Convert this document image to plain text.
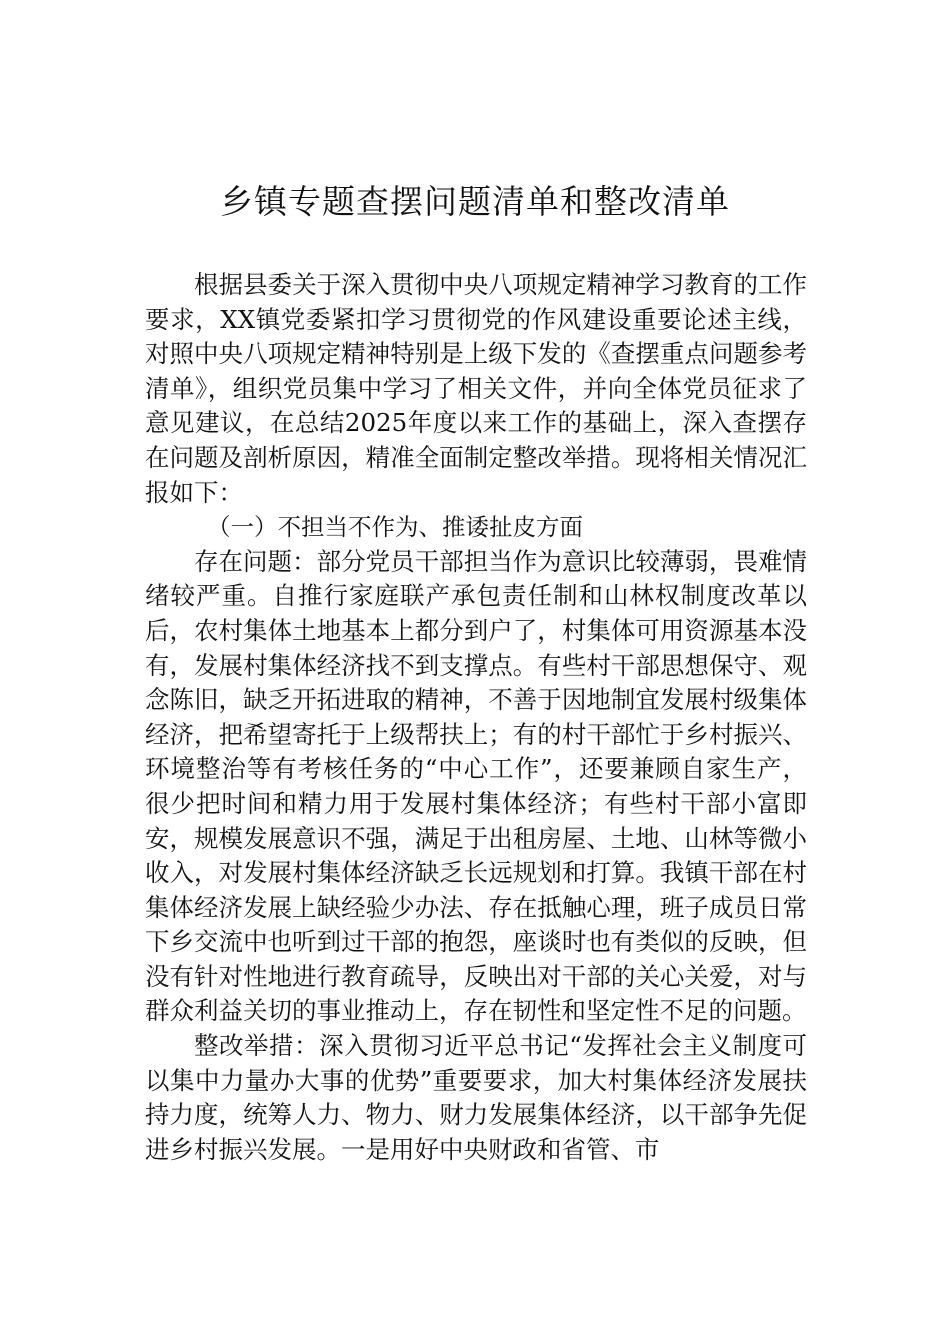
乡镇专题查摆问题清单和整改清单

根据县委关于深入贯彻中央八项规定精神学习教育的工作要求，XX镇党委紧扣学习贯彻党的作风建设重要论述主线，对照中央八项规定精神特别是上级下发的《查摆重点问题参考清单》，组织党员集中学习了相关文件，并向全体党员征求了意见建议，在总结2025年度以来工作的基础上，深入查摆存在问题及剖析原因，精准全面制定整改举措。现将相关情况汇报如下：

（一）不担当不作为、推诿扯皮方面

存在问题：部分党员干部担当作为意识比较薄弱，畏难情绪较严重。自推行家庭联产承包责任制和山林权制度改革以后，农村集体土地基本上都分到户了，村集体可用资源基本没有，发展村集体经济找不到支撑点。有些村干部思想保守、观念陈旧，缺乏开拓进取的精神，不善于因地制宜发展村级集体经济，把希望寄托于上级帮扶上；有的村干部忙于乡村振兴、环境整治等有考核任务的“中心工作”，还要兼顾自家生产，很少把时间和精力用于发展村集体经济；有些村干部小富即安，规模发展意识不强，满足于出租房屋、土地、山林等微小收入，对发展村集体经济缺乏长远规划和打算。我镇干部在村集体经济发展上缺经验少办法、存在抵触心理，班子成员日常下乡交流中也听到过干部的抱怨，座谈时也有类似的反映，但没有针对性地进行教育疏导，反映出对干部的关心关爱，对与群众利益关切的事业推动上，存在韧性和坚定性不足的问题。

整改举措：深入贯彻习近平总书记“发挥社会主义制度可以集中力量办大事的优势”重要要求，加大村集体经济发展扶持力度，统筹人力、物力、财力发展集体经济，以干部争先促进乡村振兴发展。一是用好中央财政和省管、市
